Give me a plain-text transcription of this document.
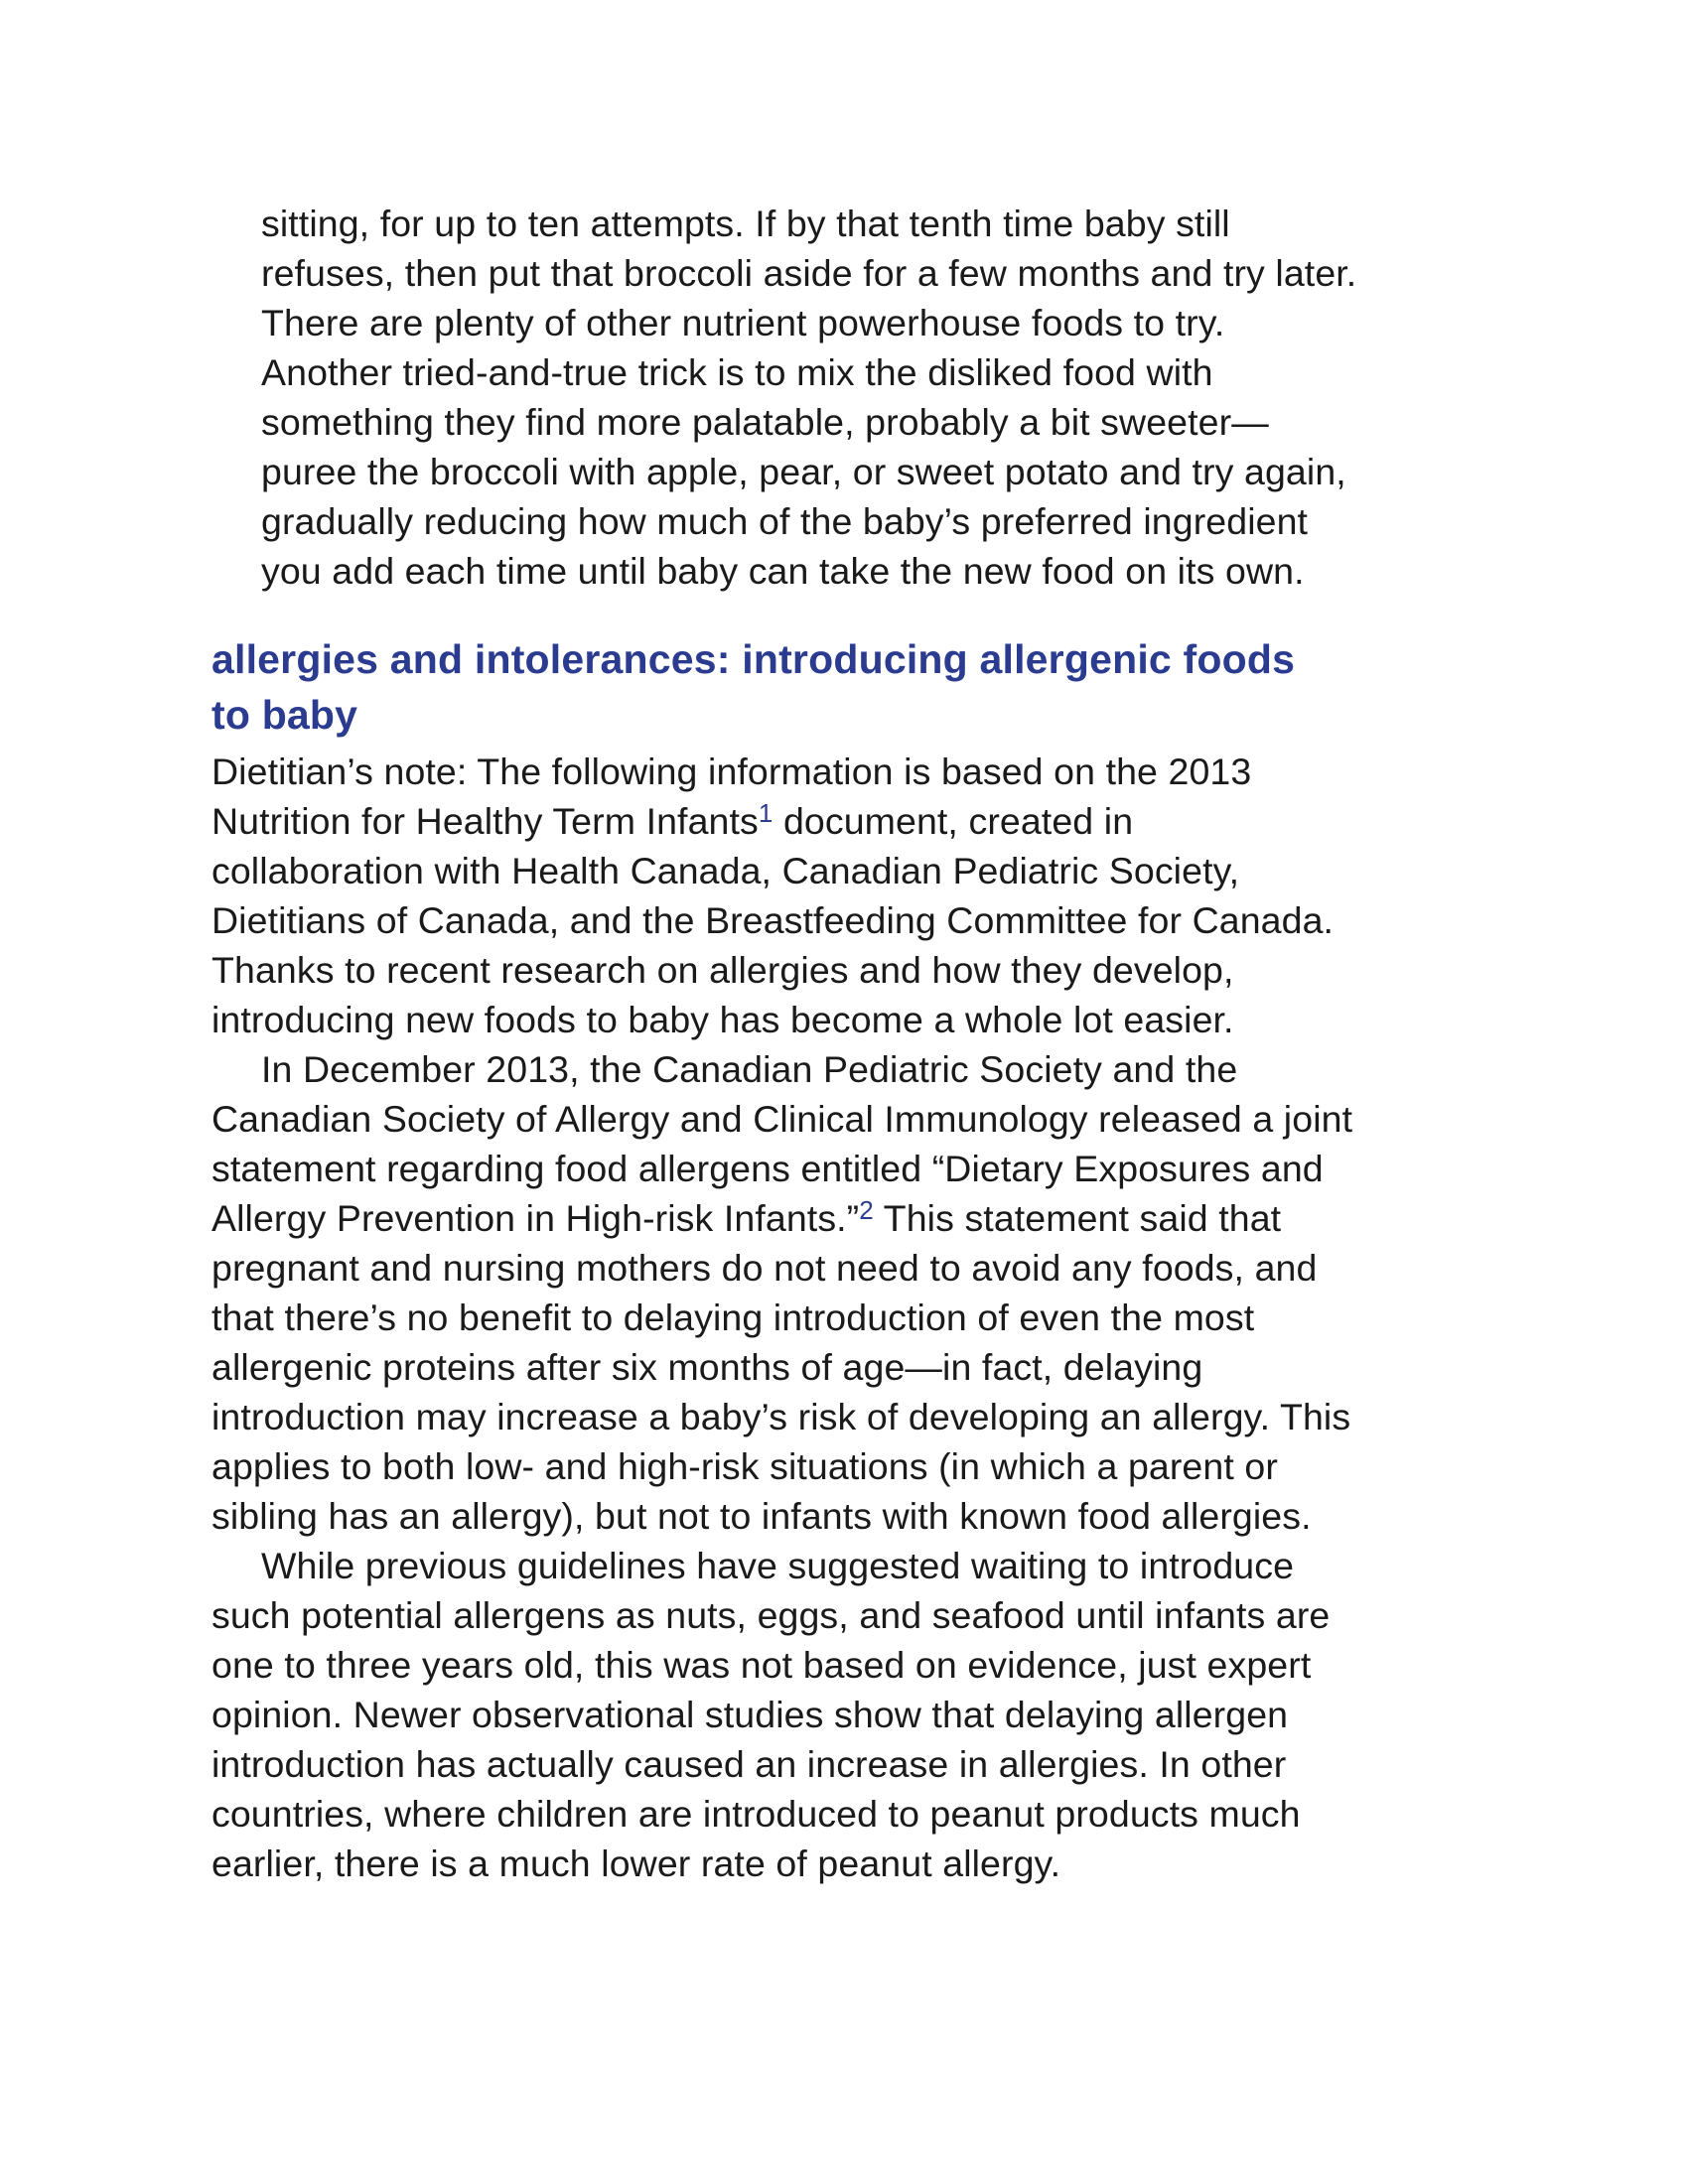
sitting, for up to ten attempts. If by that tenth time baby still
refuses, then put that broccoli aside for a few months and try later.
There are plenty of other nutrient powerhouse foods to try.
Another tried-and-true trick is to mix the disliked food with
something they find more palatable, probably a bit sweeter—
puree the broccoli with apple, pear, or sweet potato and try again,
gradually reducing how much of the baby’s preferred ingredient
you add each time until baby can take the new food on its own.
allergies and intolerances: introducing allergenic foods
to baby
Dietitian’s note: The following information is based on the 2013
Nutrition for Healthy Term Infants$^1$ document, created in
collaboration with Health Canada, Canadian Pediatric Society,
Dietitians of Canada, and the Breastfeeding Committee for Canada.
Thanks to recent research on allergies and how they develop,
introducing new foods to baby has become a whole lot easier.
In December 2013, the Canadian Pediatric Society and the
Canadian Society of Allergy and Clinical Immunology released a joint
statement regarding food allergens entitled “Dietary Exposures and
Allergy Prevention in High-risk Infants.”$^2$ This statement said that
pregnant and nursing mothers do not need to avoid any foods, and
that there’s no benefit to delaying introduction of even the most
allergenic proteins after six months of age—in fact, delaying
introduction may increase a baby’s risk of developing an allergy. This
applies to both low- and high-risk situations (in which a parent or
sibling has an allergy), but not to infants with known food allergies.
While previous guidelines have suggested waiting to introduce
such potential allergens as nuts, eggs, and seafood until infants are
one to three years old, this was not based on evidence, just expert
opinion. Newer observational studies show that delaying allergen
introduction has actually caused an increase in allergies. In other
countries, where children are introduced to peanut products much
earlier, there is a much lower rate of peanut allergy.
